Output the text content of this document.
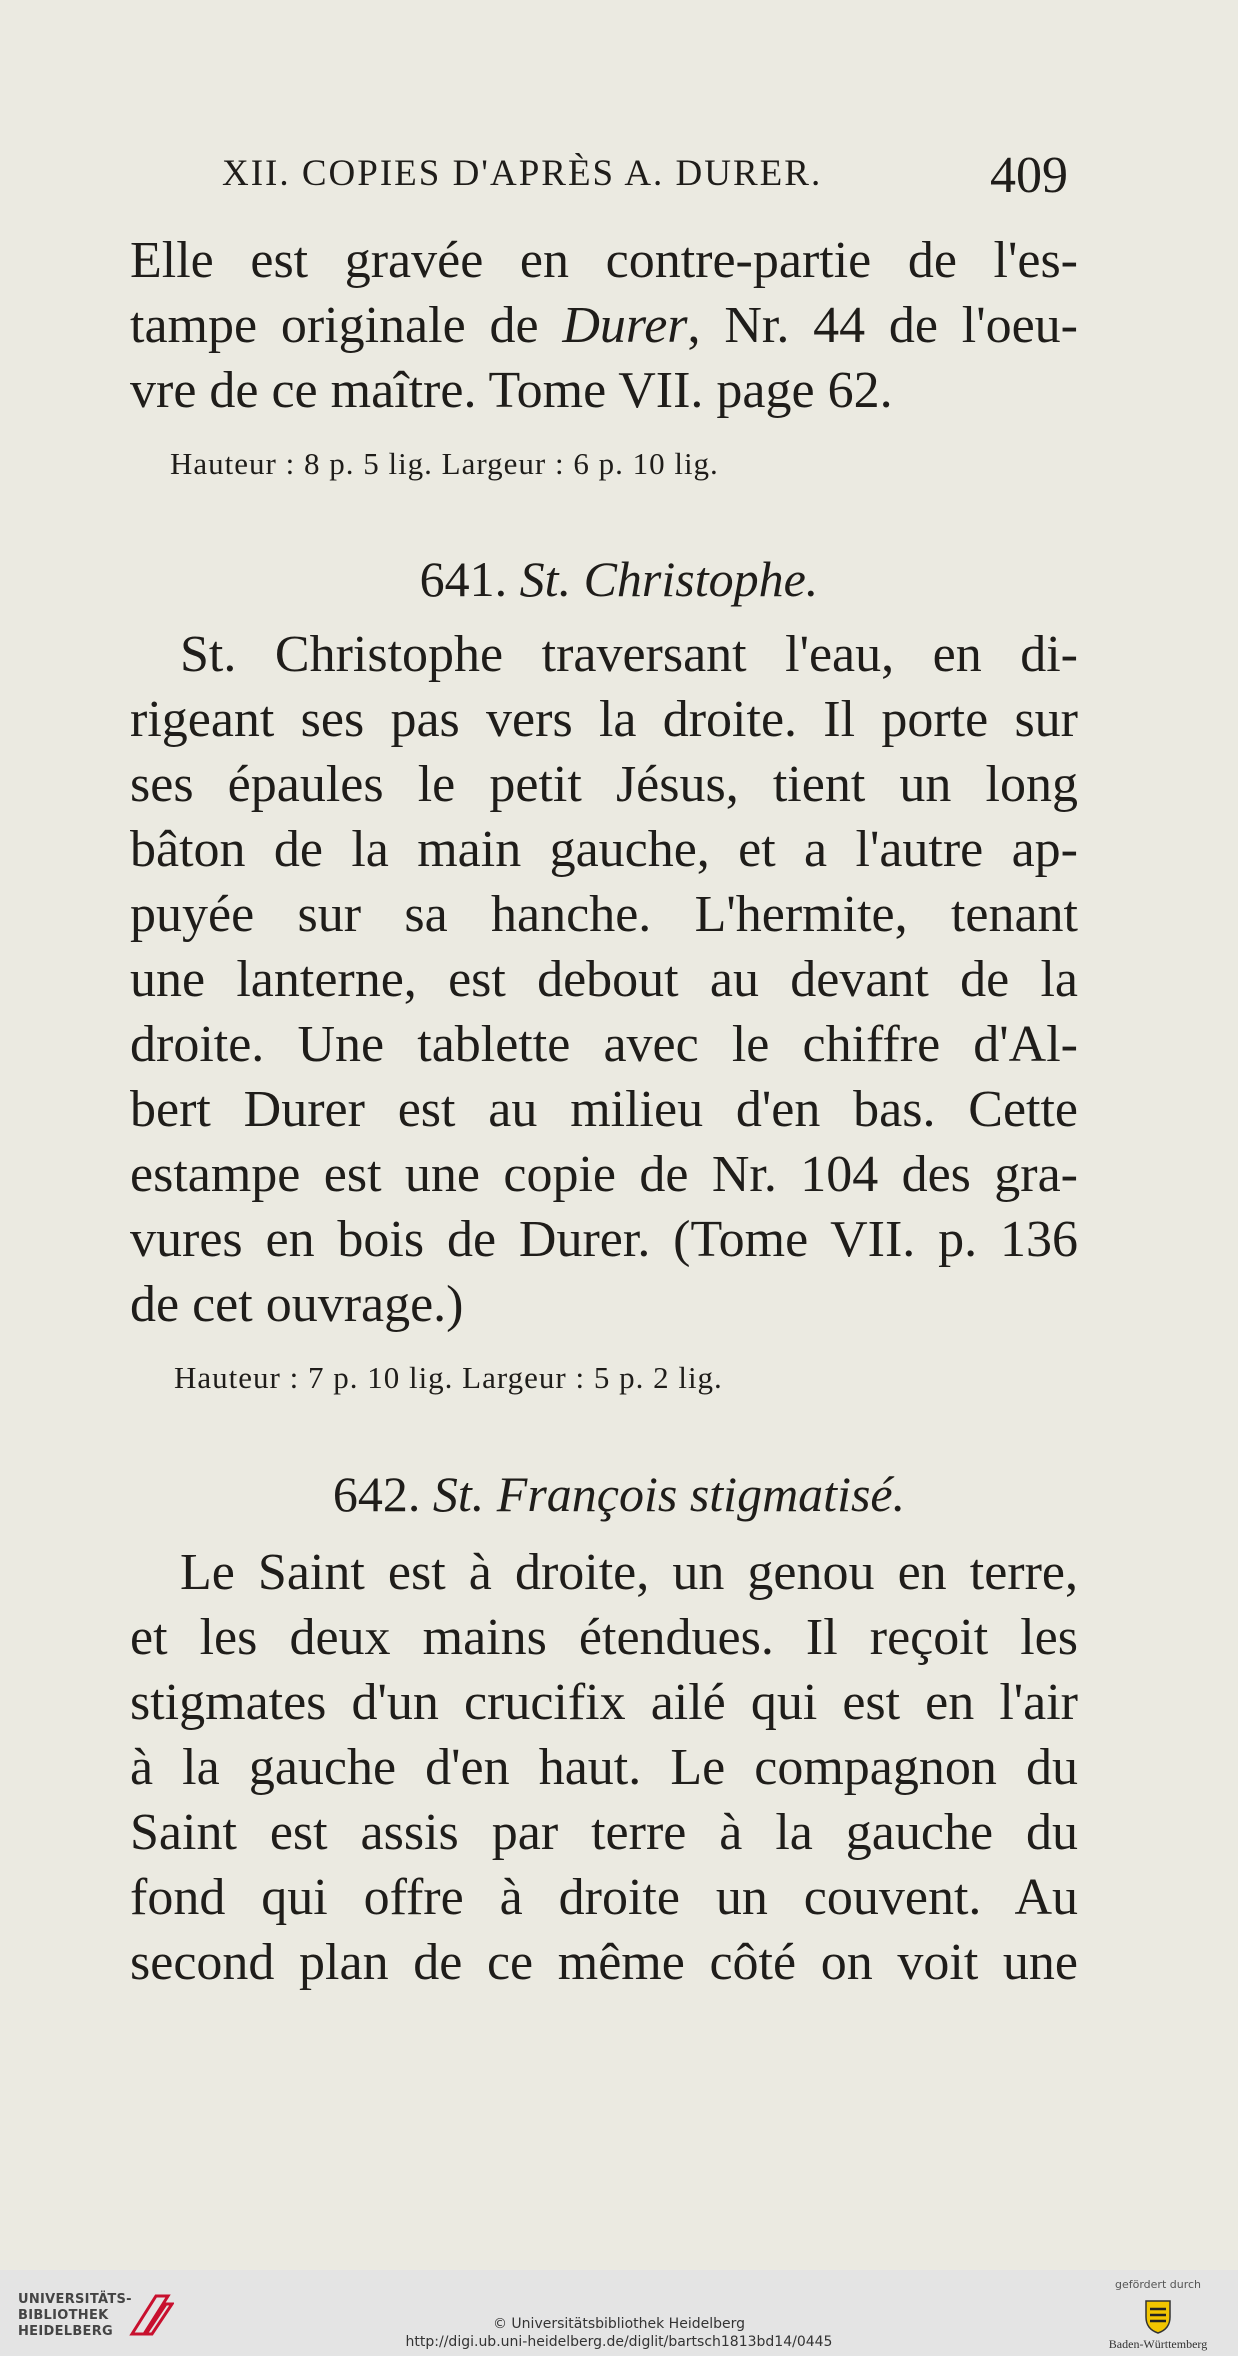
XII. COPIES D'APRÈS A. DURER.	409
Elle est gravée en contre-partie de l'es-
tampe originale de Durer, Nr. 44 de l'oeu-
vre de ce maître. Tome VII. page 62.
Hauteur : 8 p. 5 lig. Largeur : 6 p. 10 lig.
641. St. Christophe.
St. Christophe traversant l'eau, en di-
rigeant ses pas vers la droite. Il porte sur
ses épaules le petit Jésus, tient un long
bâton de la main gauche, et a l'autre ap-
puyée sur sa hanche. L'hermite, tenant
une lanterne, est debout au devant de la
droite. Une tablette avec le chiffre d'Al-
bert Durer est au milieu d'en bas. Cette
estampe est une copie de Nr. 104 des gra-
vures en bois de Durer. (Tome VII. p. 136
de cet ouvrage.)
Hauteur : 7 p. 10 lig. Largeur : 5 p. 2 lig.
642. St. François stigmatisé.
Le Saint est à droite, un genou en terre,
et les deux mains étendues. Il reçoit les
stigmates d'un crucifix ailé qui est en l'air
à la gauche d'en haut. Le compagnon du
Saint est assis par terre à la gauche du
fond qui offre à droite un couvent. Au
second plan de ce même côté on voit une
UNIVERSITÄTS-
BIBLIOTHEK
HEIDELBERG	© Universitätsbibliothek Heidelberg
http://digi.ub.uni-heidelberg.de/diglit/bartsch1813bd14/0445
gefördert durch
Baden-Württemberg
